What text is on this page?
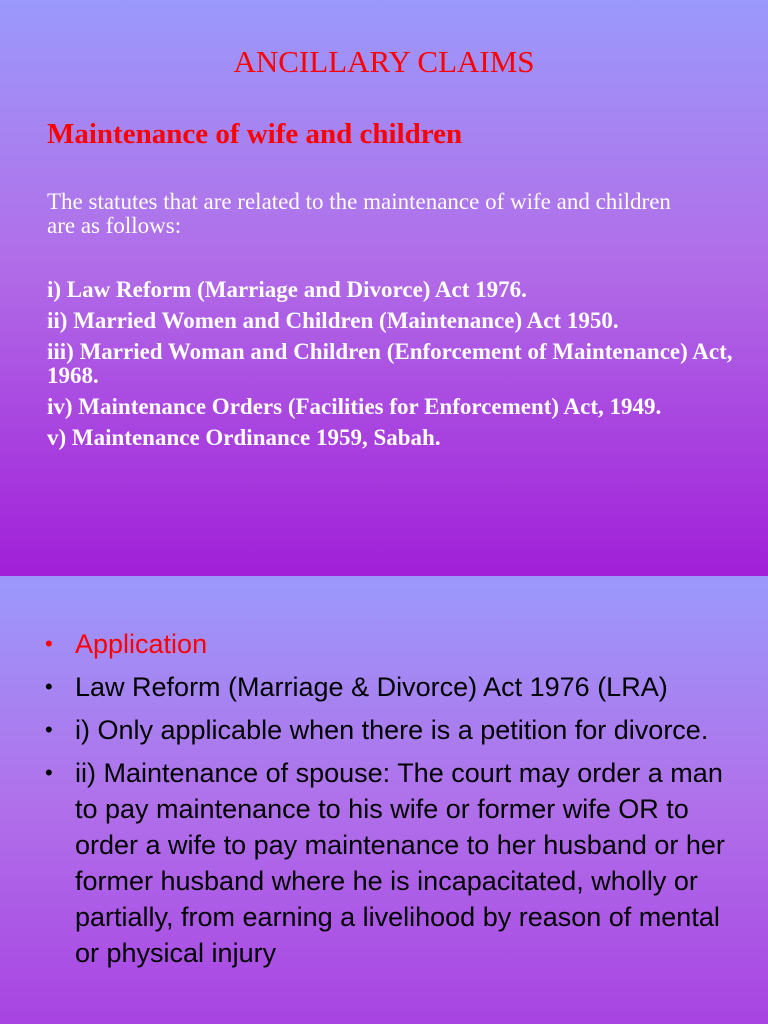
ANCILLARY CLAIMS
Maintenance of wife and children
The statutes that are related to the maintenance of wife and children are as follows:
i) Law Reform (Marriage and Divorce) Act 1976.
ii) Married Women and Children (Maintenance) Act 1950.
iii) Married Woman and Children (Enforcement of Maintenance) Act, 1968.
iv) Maintenance Orders (Facilities for Enforcement) Act, 1949.
v) Maintenance Ordinance 1959, Sabah.
• Application
• Law Reform (Marriage & Divorce) Act 1976 (LRA)
• i) Only applicable when there is a petition for divorce.
• ii) Maintenance of spouse: The court may order a man to pay maintenance to his wife or former wife OR to order a wife to pay maintenance to her husband or her former husband where he is incapacitated, wholly or partially, from earning a livelihood by reason of mental or physical injury
